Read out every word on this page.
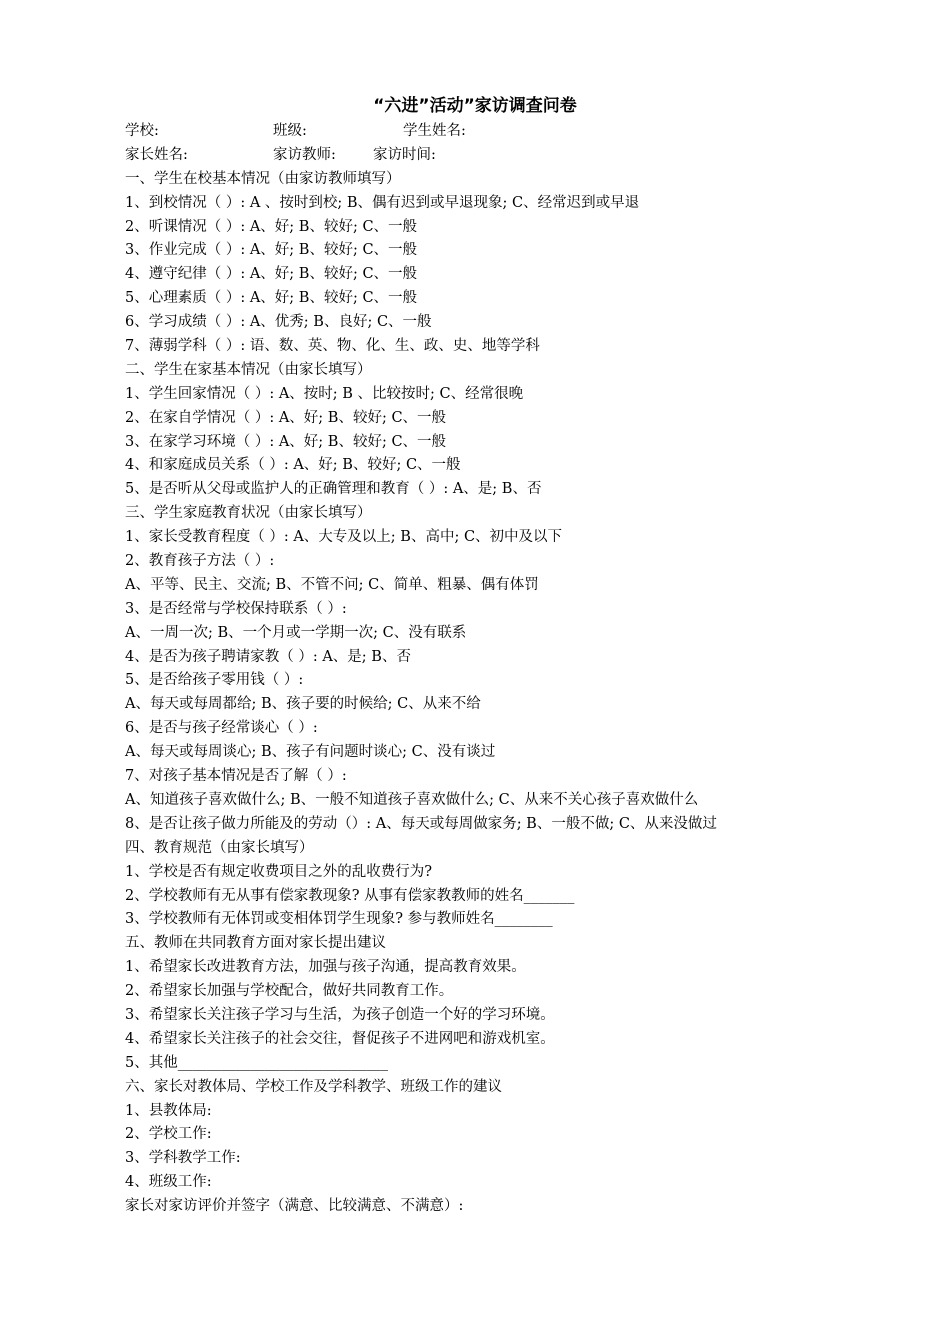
“六进”活动”家访调查问卷
学校:	班级:	学生姓名:
家长姓名:	家访教师:	家访时间:
一、学生在校基本情况（由家访教师填写）
1、到校情况（ ）: A 、按时到校; B、偶有迟到或早退现象; C、经常迟到或早退
2、听课情况（ ）: A、好; B、较好; C、一般
3、作业完成（ ）: A、好; B、较好; C、一般
4、遵守纪律（ ）: A、好; B、较好; C、一般
5、心理素质（ ）: A、好; B、较好; C、一般
6、学习成绩（ ）: A、优秀; B、良好; C、一般
7、薄弱学科（ ）: 语、数、英、物、化、生、政、史、地等学科
二、学生在家基本情况（由家长填写）
1、学生回家情况（ ）: A、按时; B 、比较按时; C、经常很晚
2、在家自学情况（ ）: A、好; B、较好; C、一般
3、在家学习环境（ ）: A、好; B、较好; C、一般
4、和家庭成员关系（ ）: A、好; B、较好; C、一般
5、是否听从父母或监护人的正确管理和教育（ ）: A、是; B、否
三、学生家庭教育状况（由家长填写）
1、家长受教育程度（ ）: A、大专及以上; B、高中; C、初中及以下
2、教育孩子方法（ ）:
A、平等、民主、交流; B、不管不问; C、简单、粗暴、偶有体罚
3、是否经常与学校保持联系（ ）:
A、一周一次; B、一个月或一学期一次; C、没有联系
4、是否为孩子聘请家教（ ）: A、是; B、否
5、是否给孩子零用钱（ ）:
A、每天或每周都给; B、孩子要的时候给; C、从来不给
6、是否与孩子经常谈心（ ）:
A、每天或每周谈心; B、孩子有问题时谈心; C、没有谈过
7、对孩子基本情况是否了解（ ）:
A、知道孩子喜欢做什么; B、一般不知道孩子喜欢做什么; C、从来不关心孩子喜欢做什么
8、是否让孩子做力所能及的劳动（）: A、每天或每周做家务; B、一般不做; C、从来没做过
四、教育规范（由家长填写）
1、学校是否有规定收费项目之外的乱收费行为?
2、学校教师有无从事有偿家教现象? 从事有偿家教教师的姓名_______
3、学校教师有无体罚或变相体罚学生现象? 参与教师姓名________
五、教师在共同教育方面对家长提出建议
1、希望家长改进教育方法，加强与孩子沟通，提高教育效果。
2、希望家长加强与学校配合，做好共同教育工作。
3、希望家长关注孩子学习与生活，为孩子创造一个好的学习环境。
4、希望家长关注孩子的社会交往，督促孩子不进网吧和游戏机室。
5、其他_____________________________
六、家长对教体局、学校工作及学科教学、班级工作的建议
1、县教体局:
2、学校工作:
3、学科教学工作:
4、班级工作:
家长对家访评价并签字（满意、比较满意、不满意）:
